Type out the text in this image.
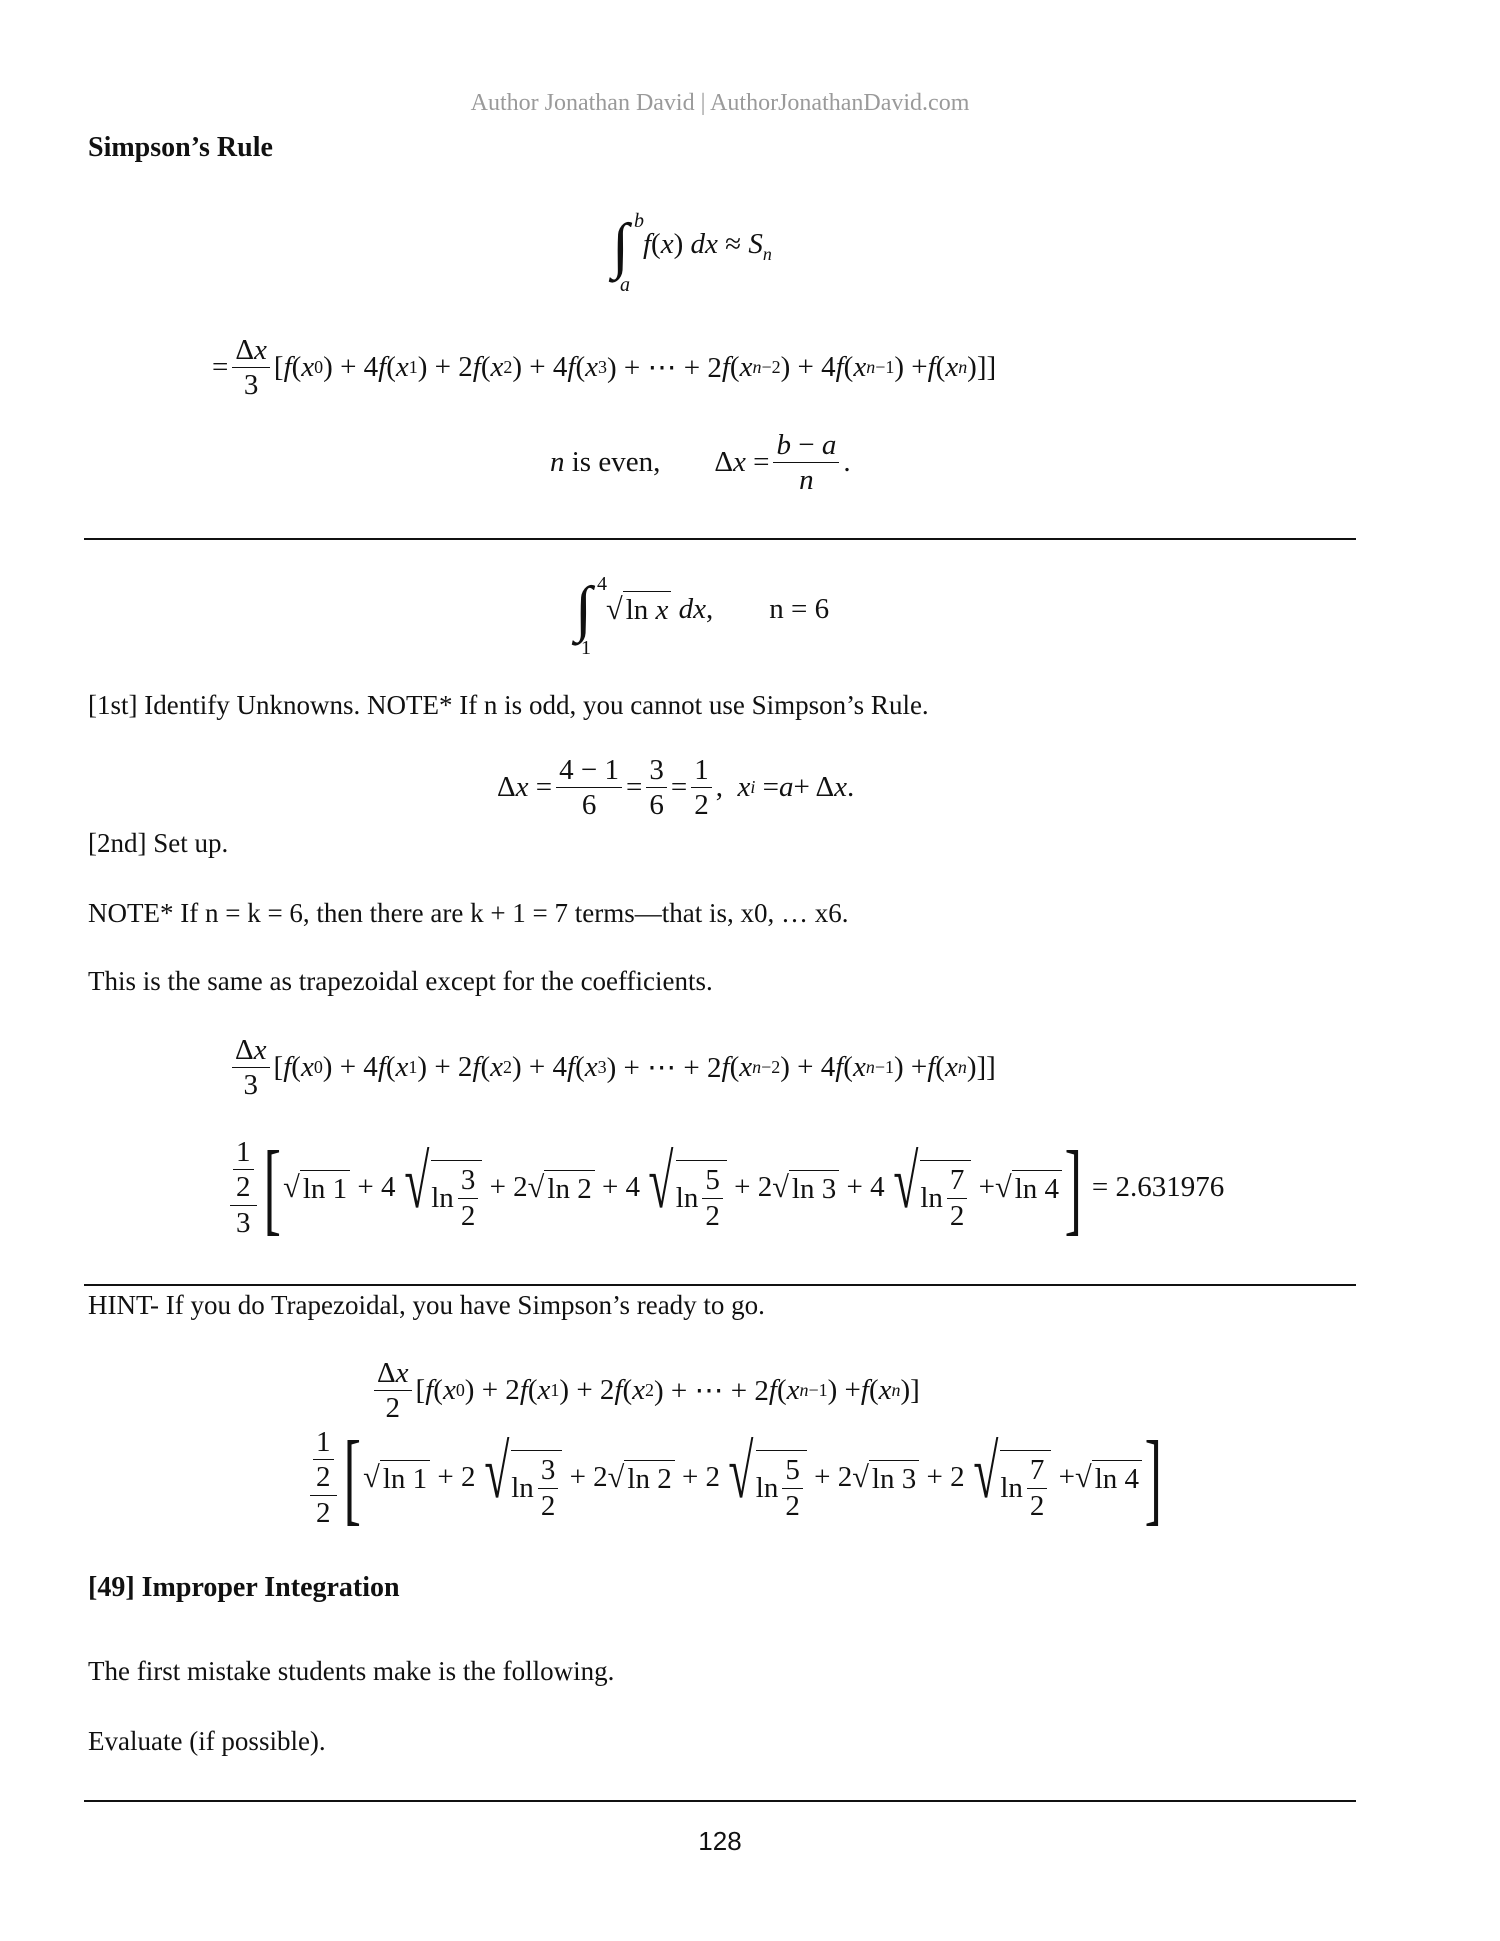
Author Jonathan David | AuthorJonathanDavid.com
Simpson’s Rule
∫ b
a
f(x) dx ≈ $S_n$
= $\frac{\Delta x}{3}$ [ f ( x 0 ) + 4 f ( x 1 ) + 2 f ( x 2 ) + 4 f ( x 3 ) + ⋯ + 2 f ( x n−2 ) + 4 f ( x n−1 ) + f ( x n )]]
n
is even, Δ $x = \frac{b - a}{n}$ .
∫ 4
1
√ ln x
dx , n = 6
[1st] Identify Unknowns. NOTE* If n is odd, you cannot use Simpson’s Rule.
Δ $x = \frac{4 - 1}{6} = \frac{3}{6} = \frac{1}{2}$ , x i = a + Δ x .
[2nd] Set up.
NOTE* If n = k = 6, then there are k + 1 = 7 terms—that is, x0, … x6.
This is the same as trapezoidal except for the coefficients.
$\frac{\Delta x}{3}$ [ f ( x 0 ) + 4 f ( x 1 ) + 2 f ( x 2 ) + 4 f ( x 3 ) + ⋯ + 2 f ( x n−2 ) + 4 f ( x n−1 ) + f ( x n )]]
$\frac{\frac{1}{2}}{3}$ [ √ ln 1 + 4 $√\ln \frac{3}{2} + 2$ √ ln 2 + 4 $√\ln \frac{5}{2} + 2$ √ ln 3 + 4 $√\ln \frac{7}{2}$ + √ ln 4 ]
= 2.631976
HINT- If you do Trapezoidal, you have Simpson’s ready to go.
$\frac{\Delta x}{2}$ [ f ( x 0 ) + 2 f ( x 1 ) + 2 f ( x 2 ) + ⋯ + 2 f ( x n−1 ) + f ( x n )]
$\frac{\frac{1}{2}}{2}$ [ √ ln 1 + 2 $√\ln \frac{3}{2} + 2$ √ ln 2 + 2 $√\ln \frac{5}{2} + 2$ √ ln 3 + 2 $√\ln \frac{7}{2}$ + √ ln 4 ]
[49] Improper Integration
The first mistake students make is the following.
Evaluate (if possible).
128
